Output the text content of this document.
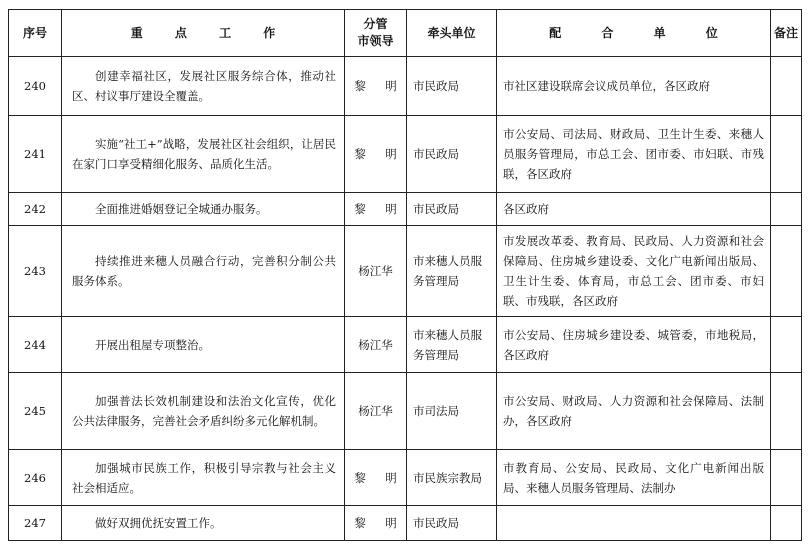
序号	重 点 工 作	分管
市领导	牵头单位	配 合 单 位	备注
240	创建幸福社区，发展社区服务综合体，推动社区、村议事厅建设全覆盖。	黎　明	市民政局	市社区建设联席会议成员单位，各区政府	
241	实施“社工+”战略，发展社区社会组织，让居民在家门口享受精细化服务、品质化生活。	黎　明	市民政局	市公安局、司法局、财政局、卫生计生委、来穗人员服务管理局，市总工会、团市委、市妇联、市残联，各区政府	
242	全面推进婚姻登记全城通办服务。	黎　明	市民政局	各区政府	
243	持续推进来穗人员融合行动，完善积分制公共服务体系。	杨江华	市来穗人员服务管理局	市发展改革委、教育局、民政局、人力资源和社会保障局、住房城乡建设委、文化广电新闻出版局、卫生计生委、体育局，市总工会、团市委、市妇联、市残联，各区政府	
244	开展出租屋专项整治。	杨江华	市来穗人员服务管理局	市公安局、住房城乡建设委、城管委，市地税局，各区政府	
245	加强普法长效机制建设和法治文化宣传，优化公共法律服务，完善社会矛盾纠纷多元化解机制。	杨江华	市司法局	市公安局、财政局、人力资源和社会保障局、法制办，各区政府	
246	加强城市民族工作，积极引导宗教与社会主义社会相适应。	黎　明	市民族宗教局	市教育局、公安局、民政局、文化广电新闻出版局、来穗人员服务管理局、法制办	
247	做好双拥优抚安置工作。	黎　明	市民政局		
